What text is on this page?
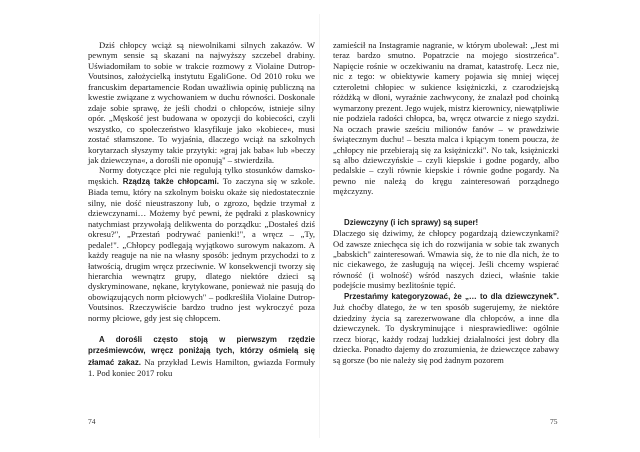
Dziś chłopcy wciąż są niewolnikami silnych zakazów. W pewnym sensie są skazani na najwyższy szczebel drabiny. Uświadomiłam to sobie w trakcie rozmowy z Violaine Dutrop-Voutsinos, założycielką instytutu EgaliGone. Od 2010 roku we francuskim departamencie Rodan uważliwia opinię publiczną na kwestie związane z wychowaniem w duchu równości. Doskonale zdaje sobie sprawę, że jeśli chodzi o chłopców, istnieje silny opór. „Męskość jest budowana w opozycji do kobiecości, czyli wszystko, co społeczeństwo klasyfikuje jako »kobiece«, musi zostać stłamszone. To wyjaśnia, dlaczego wciąż na szkolnych korytarzach słyszymy takie przytyki: »graj jak baba« lub »beczy jak dziewczyna«, a dorośli nie oponują" – stwierdziła.

Normy dotyczące płci nie regulują tylko stosunków damsko-męskich. Rządzą także chłopcami. To zaczyna się w szkole. Biada temu, który na szkolnym boisku okaże się niedostatecznie silny, nie dość nieustraszony lub, o zgrozo, będzie trzymał z dziewczynami… Możemy być pewni, że pędraki z plaskownicy natychmiast przywołają delikwenta do porządku: „Dostałeś dziś okresu?", „Przestań podrywać panienki!", a wręcz – „Ty, pedale!". „Chłopcy podlegają wyjątkowo surowym nakazom. A każdy reaguje na nie na własny sposób: jednym przychodzi to z łatwością, drugim wręcz przeciwnie. W konsekwencji tworzy się hierarchia wewnątrz grupy, dlatego niektóre dzieci są dyskryminowane, nękane, krytykowane, ponieważ nie pasują do obowiązujących norm płciowych" – podkreśliła Violaine Dutrop-Voutsinos. Rzeczywiście bardzo trudno jest wykroczyć poza normy płciowe, gdy jest się chłopcem.

A dorośli często stoją w pierwszym rzędzie prześmiewców, wręcz poniżają tych, którzy ośmielą się złamać zakaz. Na przykład Lewis Hamilton, gwiazda Formuły 1. Pod koniec 2017 roku

zamieścił na Instagramie nagranie, w którym ubolewał: „Jest mi teraz bardzo smutno. Popatrzcie na mojego siostrzeńca". Napięcie rośnie w oczekiwaniu na dramat, katastrofę. Lecz nie, nic z tego: w obiektywie kamery pojawia się mniej więcej czteroletni chłopiec w sukience księżniczki, z czarodziejską różdżką w dłoni, wyraźnie zachwycony, że znalazł pod choinką wymarzony prezent. Jego wujek, mistrz kierownicy, niewątpliwie nie podziela radości chłopca, ba, wręcz otwarcie z niego szydzi. Na oczach prawie sześciu milionów fanów – w prawdziwie świątecznym duchu! – beszta malca i kpiącym tonem poucza, że „chłopcy nie przebierają się za księżniczki". No tak, księżniczki są albo dziewczyńskie – czyli kiepskie i godne pogardy, albo pedalskie – czyli równie kiepskie i równie godne pogardy. Na pewno nie należą do kręgu zainteresowań porządnego mężczyzny.

Dziewczyny (i ich sprawy) są super!

Dlaczego się dziwimy, że chłopcy pogardzają dziewczynkami? Od zawsze zniechęca się ich do rozwijania w sobie tak zwanych „babskich" zainteresowań. Wmawia się, że to nie dla nich, że to nic ciekawego, że zasługują na więcej. Jeśli chcemy wspierać równość (i wolność) wśród naszych dzieci, właśnie takie podejście musimy bezlitośnie tępić.

Przestańmy kategoryzować, że „… to dla dziewczynek". Już choćby dlatego, że w ten sposób sugerujemy, że niektóre dziedziny życia są zarezerwowane dla chłopców, a inne dla dziewczynek. To dyskryminujące i niesprawiedliwe: ogólnie rzecz biorąc, każdy rodzaj ludzkiej działalności jest dobry dla dziecka. Ponadto dajemy do zrozumienia, że dziewczęce zabawy są gorsze (bo nie należy się pod żadnym pozorem

74	75
